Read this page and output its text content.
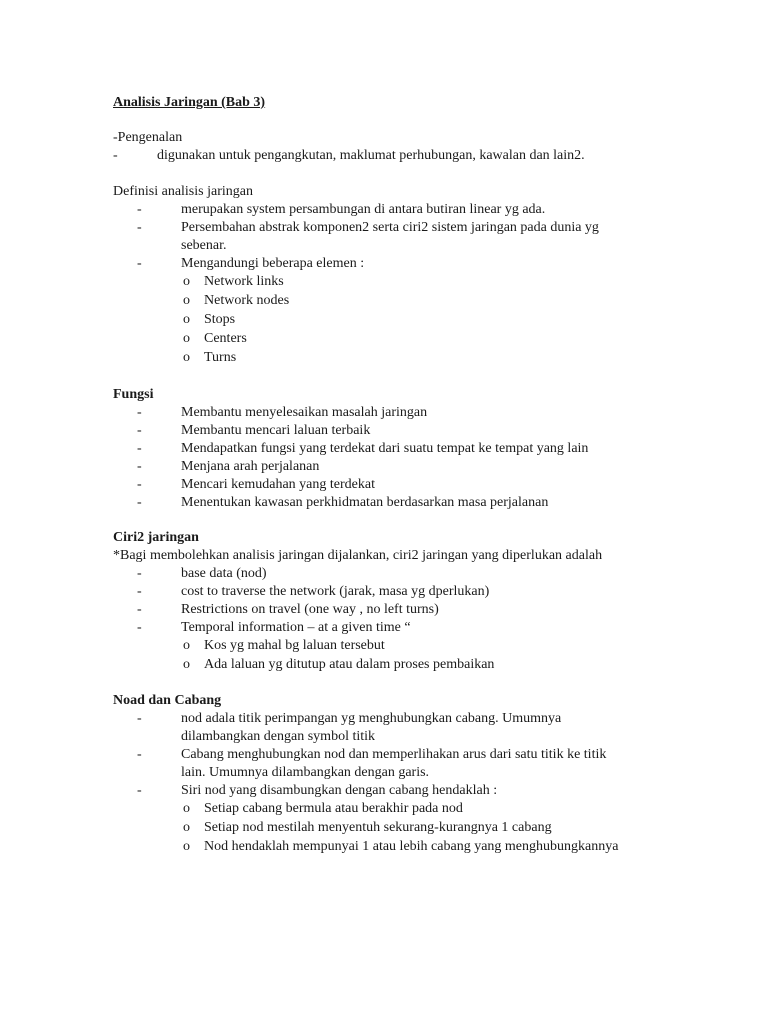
Analisis Jaringan (Bab 3)
-Pengenalan
-	digunakan untuk pengangkutan, maklumat perhubungan, kawalan dan lain2.
Definisi analisis jaringan
-	merupakan system persambungan di antara butiran linear yg ada.
-	Persembahan abstrak komponen2 serta ciri2 sistem jaringan pada dunia yg
sebenar.
-	Mengandungi beberapa elemen :
o Network links
o Network nodes
o Stops
o Centers
o Turns
Fungsi
-	Membantu menyelesaikan masalah jaringan
-	Membantu mencari laluan terbaik
-	Mendapatkan fungsi yang terdekat dari suatu tempat ke tempat yang lain
-	Menjana arah perjalanan
-	Mencari kemudahan yang terdekat
-	Menentukan kawasan perkhidmatan berdasarkan masa perjalanan
Ciri2 jaringan
*Bagi membolehkan analisis jaringan dijalankan, ciri2 jaringan yang diperlukan adalah
-	base data (nod)
-	cost to traverse the network (jarak, masa yg dperlukan)
-	Restrictions on travel (one way , no left turns)
-	Temporal information – at a given time “
o Kos yg mahal bg laluan tersebut
o Ada laluan yg ditutup atau dalam proses pembaikan
Noad dan Cabang
-	nod adala titik perimpangan yg menghubungkan cabang. Umumnya
dilambangkan dengan symbol titik
-	Cabang menghubungkan nod dan memperlihakan arus dari satu titik ke titik
lain. Umumnya dilambangkan dengan garis.
-	Siri nod yang disambungkan dengan cabang hendaklah :
o Setiap cabang bermula atau berakhir pada nod
o Setiap nod mestilah menyentuh sekurang-kurangnya 1 cabang
o Nod hendaklah mempunyai 1 atau lebih cabang yang menghubungkannya
